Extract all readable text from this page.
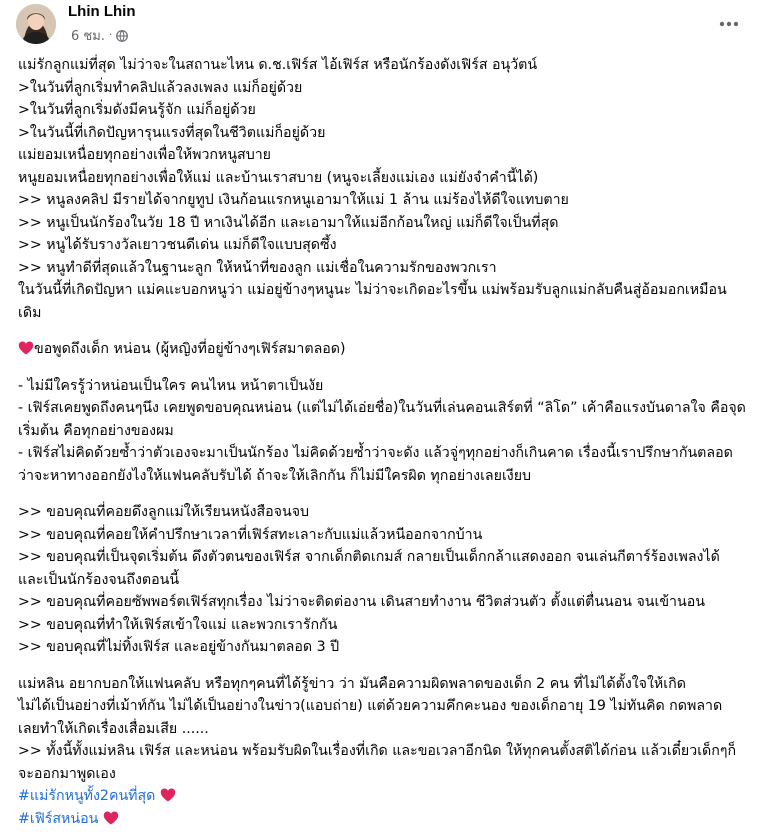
Lhin Lhin
6 ชม. ·
แม่รักลูกแม่ที่สุด ไม่ว่าจะในสถานะไหน ด.ช.เฟิร์ส ไอ้เฟิร์ส หรือนักร้องดังเฟิร์ส อนุวัตน์
>ในวันที่ลูกเริ่มทำคลิปแล้วลงเพลง แม่ก็อยู่ด้วย
>ในวันที่ลูกเริ่มดังมีคนรู้จัก แม่ก็อยู่ด้วย
>ในวันนี้ที่เกิดปัญหารุนแรงที่สุดในชีวิตแม่ก็อยู่ด้วย
แม่ยอมเหนื่อยทุกอย่างเพื่อให้พวกหนูสบาย
หนูยอมเหนื่อยทุกอย่างเพื่อให้แม่ และบ้านเราสบาย (หนูจะเลี้ยงแม่เอง แม่ยังจำคำนี้ได้)
>> หนูลงคลิป มีรายได้จากยูทูป เงินก้อนแรกหนูเอามาให้แม่ 1 ล้าน แม่ร้องไห้ดีใจแทบตาย
>> หนูเป็นนักร้องในวัย 18 ปี หาเงินได้อีก และเอามาให้แม่อีกก้อนใหญ่ แม่ก็ดีใจเป็นที่สุด
>> หนูได้รับรางวัลเยาวชนดีเด่น แม่ก็ดีใจแบบสุดซึ้ง
>> หนูทำดีที่สุดแล้วในฐานะลูก ให้หน้าที่ของลูก แม่เชื่อในความรักของพวกเรา
ในวันนี้ที่เกิดปัญหา แม่คแะบอกหนูว่า แม่อยู่ข้างๆหนูนะ ไม่ว่าจะเกิดอะไรขึ้น แม่พร้อมรับลูกแม่กลับคืนสู่อ้อมอกเหมือนเดิม
ขอพูดถึงเด็ก หน่อน (ผู้หญิงที่อยู่ข้างๆเฟิร์สมาตลอด)
- ไม่มีใครรู้ว่าหน่อนเป็นใคร คนไหน หน้าตาเป็นงัย
- เฟิร์สเคยพูดถึงคนๆนึง เคยพูดขอบคุณหน่อน (แต่ไม่ได้เอ่ยชื่อ)ในวันที่เล่นคอนเสิร์ตที่ “ลิโด” เค้าคือแรงบันดาลใจ คือจุดเริ่มต้น คือทุกอย่างของผม
- เฟิร์สไม่คิดด้วยซ้ำว่าตัวเองจะมาเป็นนักร้อง ไม่คิดด้วยซ้ำว่าจะดัง แล้วจู่ๆทุกอย่างก็เกินคาด เรื่องนี้เราปรึกษากันตลอดว่าจะหาทางออกยังไงให้แฟนคลับรับได้ ถ้าจะให้เลิกกัน ก็ไม่มีใครผิด ทุกอย่างเลยเงียบ
>> ขอบคุณที่คอยดึงลูกแม่ให้เรียนหนังสือจนจบ
>> ขอบคุณที่คอยให้คำปรึกษาเวลาที่เฟิร์สทะเลาะกับแม่แล้วหนีออกจากบ้าน
>> ขอบคุณที่เป็นจุดเริ่มต้น ดึงตัวตนของเฟิร์ส จากเด็กติดเกมส์ กลายเป็นเด็กกล้าแสดงออก จนเล่นกีตาร์ร้องเพลงได้ และเป็นนักร้องจนถึงตอนนี้
>> ขอบคุณที่คอยซัพพอร์ตเฟิร์สทุกเรื่อง ไม่ว่าจะติดต่องาน เดินสายทำงาน ชีวิตส่วนตัว ตั้งแต่ตื่นนอน จนเข้านอน
>> ขอบคุณที่ทำให้เฟิร์สเข้าใจแม่ และพวกเรารักกัน
>> ขอบคุณที่ไม่ทิ้งเฟิร์ส และอยู่ข้างกันมาตลอด 3 ปี
แม่หลิน อยากบอกให้แฟนคลับ หรือทุกๆคนที่ได้รู้ข่าว ว่า มันคือความผิดพลาดของเด็ก 2 คน ที่ไม่ได้ตั้งใจให้เกิด
ไม่ได้เป็นอย่างที่เม้าท์กัน ไม่ได้เป็นอย่างในข่าว(แอบถ่าย) แต่ด้วยความคึกคะนอง ของเด็กอายุ 19 ไม่ทันคิด กดพลาด เลยทำให้เกิดเรื่องเสื่อมเสีย ......
>> ทั้งนี้ทั้งแม่หลิน เฟิร์ส และหน่อน พร้อมรับผิดในเรื่องที่เกิด และขอเวลาอีกนิด ให้ทุกคนตั้งสติได้ก่อน แล้วเดี๋ยวเด็กๆก็จะออกมาพูดเอง
#แม่รักหนูทั้ง2คนที่สุด
#เฟิร์สหน่อน
